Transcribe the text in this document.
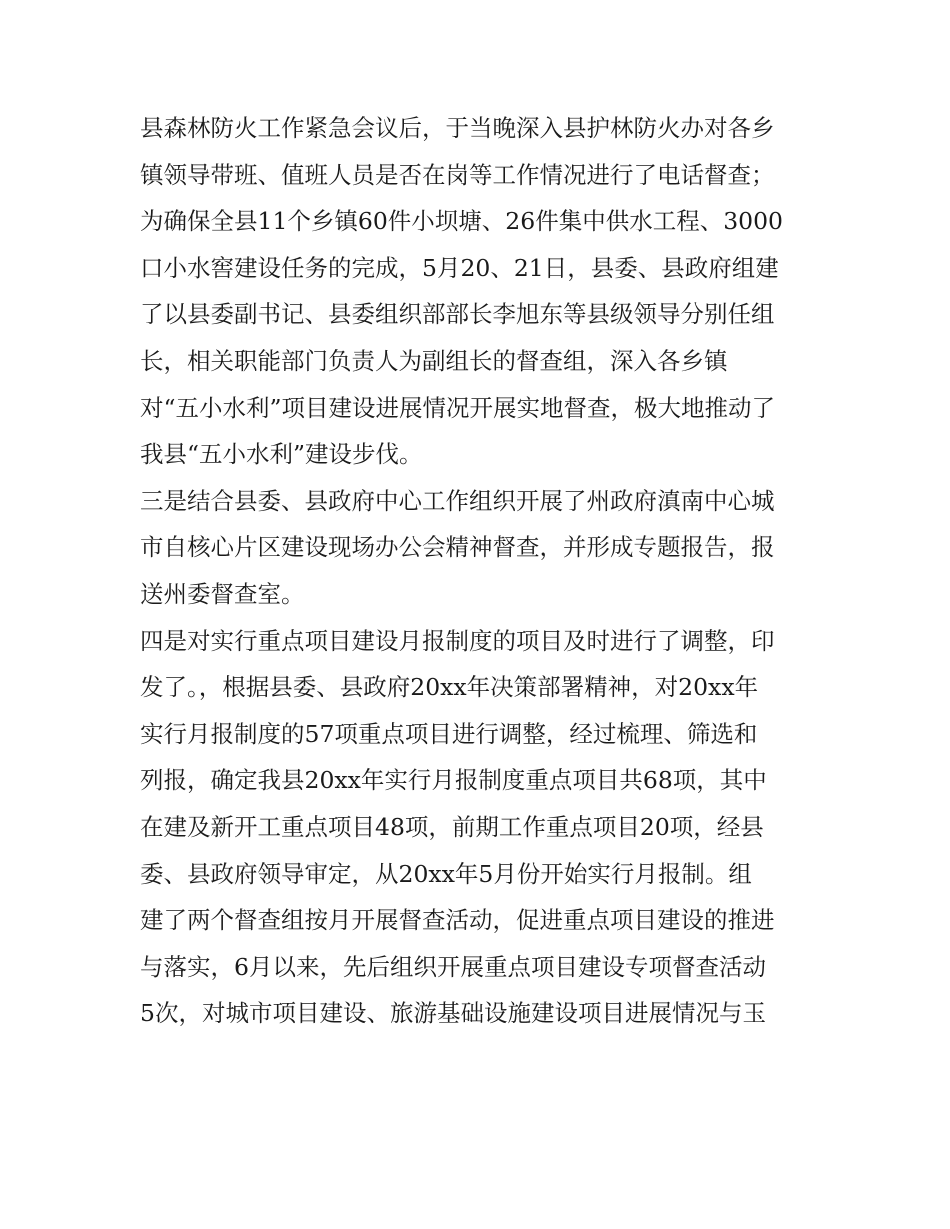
县森林防火工作紧急会议后，于当晚深入县护林防火办对各乡
镇领导带班、值班人员是否在岗等工作情况进行了电话督查；
为确保全县11个乡镇60件小坝塘、26件集中供水工程、3000
口小水窖建设任务的完成，5月20、21日，县委、县政府组建
了以县委副书记、县委组织部部长李旭东等县级领导分别任组
长，相关职能部门负责人为副组长的督查组，深入各乡镇
对“五小水利”项目建设进展情况开展实地督查，极大地推动了
我县“五小水利”建设步伐。
三是结合县委、县政府中心工作组织开展了州政府滇南中心城
市自核心片区建设现场办公会精神督查，并形成专题报告，报
送州委督查室。
四是对实行重点项目建设月报制度的项目及时进行了调整，印
发了。，根据县委、县政府20xx年决策部署精神，对20xx年
实行月报制度的57项重点项目进行调整，经过梳理、筛选和
列报，确定我县20xx年实行月报制度重点项目共68项，其中
在建及新开工重点项目48项，前期工作重点项目20项，经县
委、县政府领导审定，从20xx年5月份开始实行月报制。组
建了两个督查组按月开展督查活动，促进重点项目建设的推进
与落实，6月以来，先后组织开展重点项目建设专项督查活动
5次，对城市项目建设、旅游基础设施建设项目进展情况与玉
